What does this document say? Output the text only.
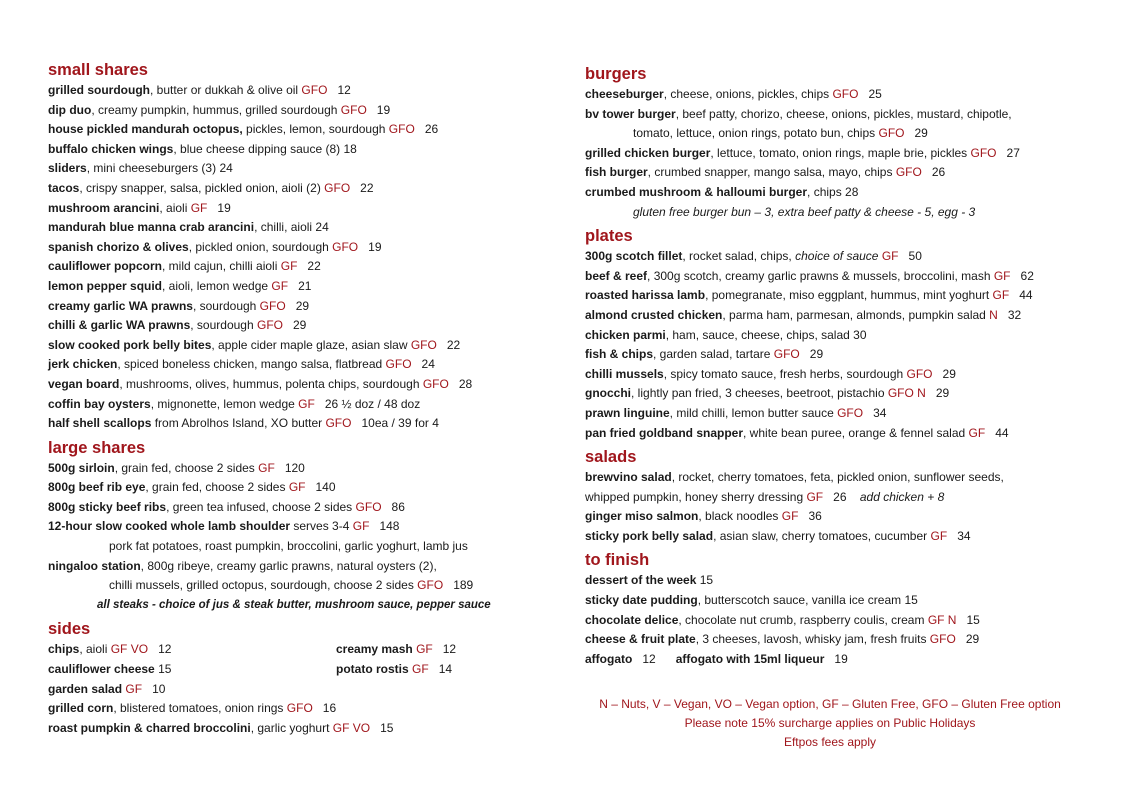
small shares
grilled sourdough, butter or dukkah & olive oil GFO 12
dip duo, creamy pumpkin, hummus, grilled sourdough GFO 19
house pickled mandurah octopus, pickles, lemon, sourdough GFO 26
buffalo chicken wings, blue cheese dipping sauce (8) 18
sliders, mini cheeseburgers (3) 24
tacos, crispy snapper, salsa, pickled onion, aioli (2) GFO 22
mushroom arancini, aioli GF 19
mandurah blue manna crab arancini, chilli, aioli 24
spanish chorizo & olives, pickled onion, sourdough GFO 19
cauliflower popcorn, mild cajun, chilli aioli GF 22
lemon pepper squid, aioli, lemon wedge GF 21
creamy garlic WA prawns, sourdough GFO 29
chilli & garlic WA prawns, sourdough GFO 29
slow cooked pork belly bites, apple cider maple glaze, asian slaw GFO 22
jerk chicken, spiced boneless chicken, mango salsa, flatbread GFO 24
vegan board, mushrooms, olives, hummus, polenta chips, sourdough GFO 28
coffin bay oysters, mignonette, lemon wedge GF 26 ½ doz / 48 doz
half shell scallops from Abrolhos Island, XO butter GFO 10ea / 39 for 4
large shares
500g sirloin, grain fed, choose 2 sides GF 120
800g beef rib eye, grain fed, choose 2 sides GF 140
800g sticky beef ribs, green tea infused, choose 2 sides GFO 86
12-hour slow cooked whole lamb shoulder serves 3-4 GF 148
pork fat potatoes, roast pumpkin, broccolini, garlic yoghurt, lamb jus
ningaloo station, 800g ribeye, creamy garlic prawns, natural oysters (2),
chilli mussels, grilled octopus, sourdough, choose 2 sides GFO 189
all steaks - choice of jus & steak butter, mushroom sauce, pepper sauce
sides
chips, aioli GF VO 12	creamy mash GF 12
cauliflower cheese 15	potato rostis GF 14
garden salad GF 10
grilled corn, blistered tomatoes, onion rings GFO 16
roast pumpkin & charred broccolini, garlic yoghurt GF VO 15
burgers
cheeseburger, cheese, onions, pickles, chips GFO 25
bv tower burger, beef patty, chorizo, cheese, onions, pickles, mustard, chipotle,
tomato, lettuce, onion rings, potato bun, chips GFO 29
grilled chicken burger, lettuce, tomato, onion rings, maple brie, pickles GFO 27
fish burger, crumbed snapper, mango salsa, mayo, chips GFO 26
crumbed mushroom & halloumi burger, chips 28
gluten free burger bun – 3, extra beef patty & cheese - 5, egg - 3
plates
300g scotch fillet, rocket salad, chips, choice of sauce GF 50
beef & reef, 300g scotch, creamy garlic prawns & mussels, broccolini, mash GF 62
roasted harissa lamb, pomegranate, miso eggplant, hummus, mint yoghurt GF 44
almond crusted chicken, parma ham, parmesan, almonds, pumpkin salad N 32
chicken parmi, ham, sauce, cheese, chips, salad 30
fish & chips, garden salad, tartare GFO 29
chilli mussels, spicy tomato sauce, fresh herbs, sourdough GFO 29
gnocchi, lightly pan fried, 3 cheeses, beetroot, pistachio GFO N 29
prawn linguine, mild chilli, lemon butter sauce GFO 34
pan fried goldband snapper, white bean puree, orange & fennel salad GF 44
salads
brewvino salad, rocket, cherry tomatoes, feta, pickled onion, sunflower seeds,
whipped pumpkin, honey sherry dressing GF 26 add chicken + 8
ginger miso salmon, black noodles GF 36
sticky pork belly salad, asian slaw, cherry tomatoes, cucumber GF 34
to finish
dessert of the week 15
sticky date pudding, butterscotch sauce, vanilla ice cream 15
chocolate delice, chocolate nut crumb, raspberry coulis, cream GF N 15
cheese & fruit plate, 3 cheeses, lavosh, whisky jam, fresh fruits GFO 29
affogato 12 affogato with 15ml liqueur 19
N – Nuts, V – Vegan, VO – Vegan option, GF – Gluten Free, GFO – Gluten Free option
Please note 15% surcharge applies on Public Holidays
Eftpos fees apply
